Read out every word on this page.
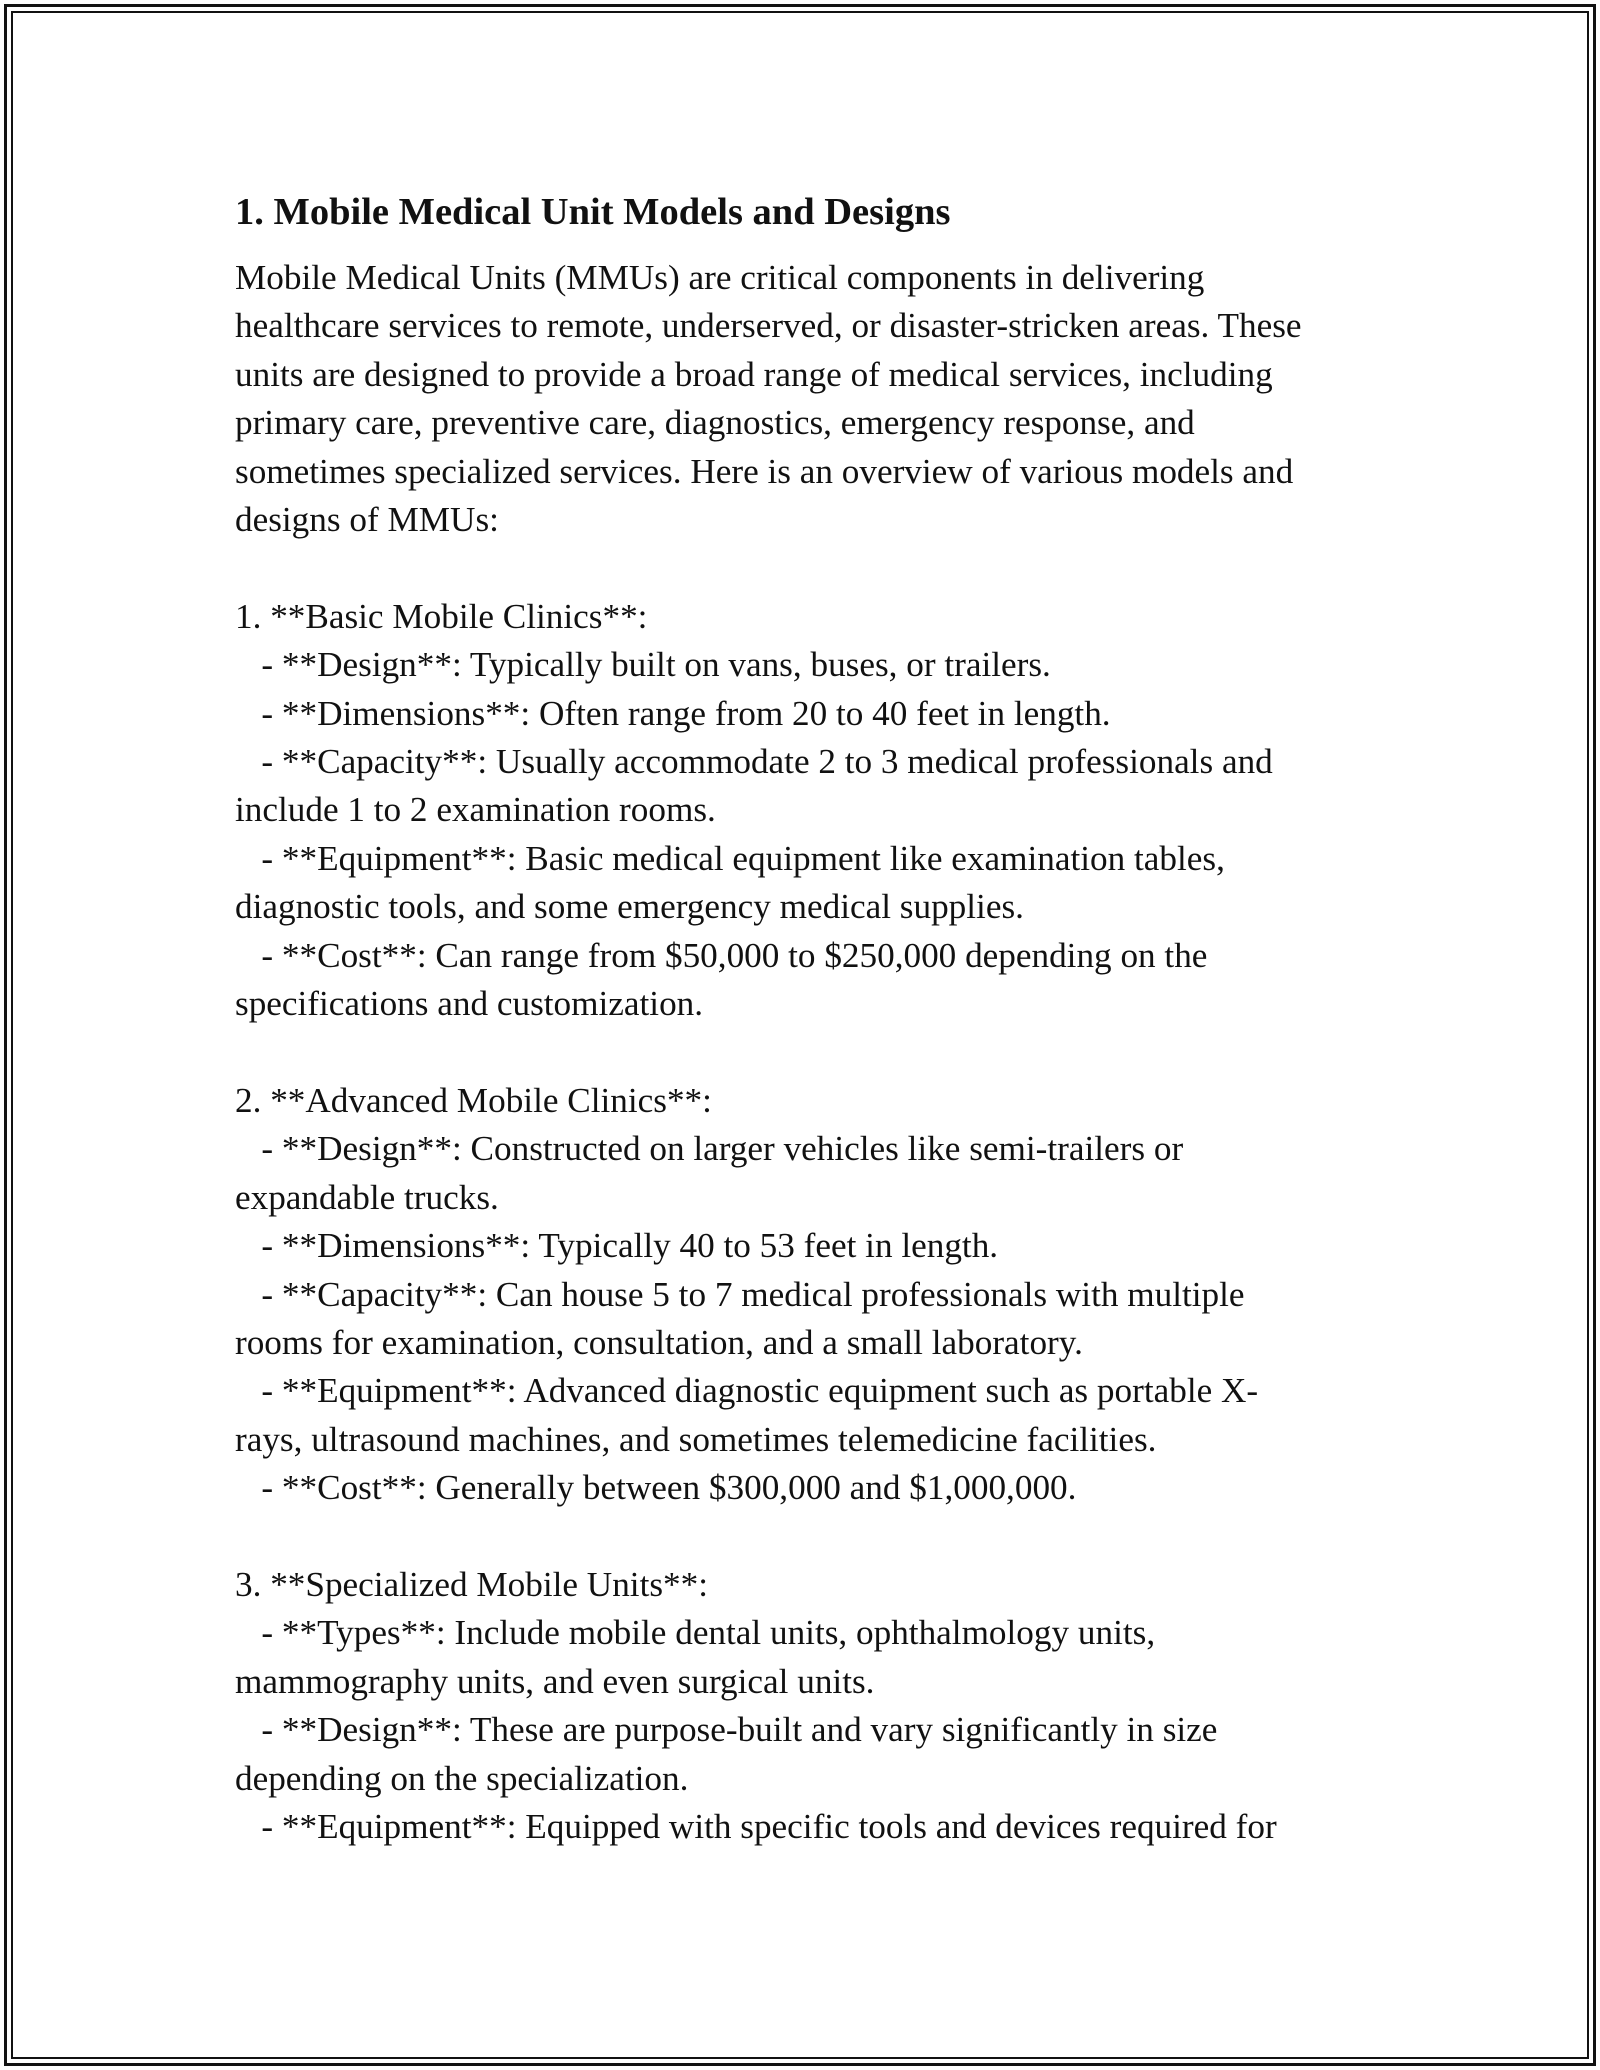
1. Mobile Medical Unit Models and Designs
Mobile Medical Units (MMUs) are critical components in delivering
healthcare services to remote, underserved, or disaster-stricken areas. These
units are designed to provide a broad range of medical services, including
primary care, preventive care, diagnostics, emergency response, and
sometimes specialized services. Here is an overview of various models and
designs of MMUs:

1. **Basic Mobile Clinics**:
- **Design**: Typically built on vans, buses, or trailers.
- **Dimensions**: Often range from 20 to 40 feet in length.
- **Capacity**: Usually accommodate 2 to 3 medical professionals and
include 1 to 2 examination rooms.
- **Equipment**: Basic medical equipment like examination tables,
diagnostic tools, and some emergency medical supplies.
- **Cost**: Can range from $50,000 to $250,000 depending on the
specifications and customization.

2. **Advanced Mobile Clinics**:
- **Design**: Constructed on larger vehicles like semi-trailers or
expandable trucks.
- **Dimensions**: Typically 40 to 53 feet in length.
- **Capacity**: Can house 5 to 7 medical professionals with multiple
rooms for examination, consultation, and a small laboratory.
- **Equipment**: Advanced diagnostic equipment such as portable X-
rays, ultrasound machines, and sometimes telemedicine facilities.
- **Cost**: Generally between $300,000 and $1,000,000.

3. **Specialized Mobile Units**:
- **Types**: Include mobile dental units, ophthalmology units,
mammography units, and even surgical units.
- **Design**: These are purpose-built and vary significantly in size
depending on the specialization.
- **Equipment**: Equipped with specific tools and devices required for
